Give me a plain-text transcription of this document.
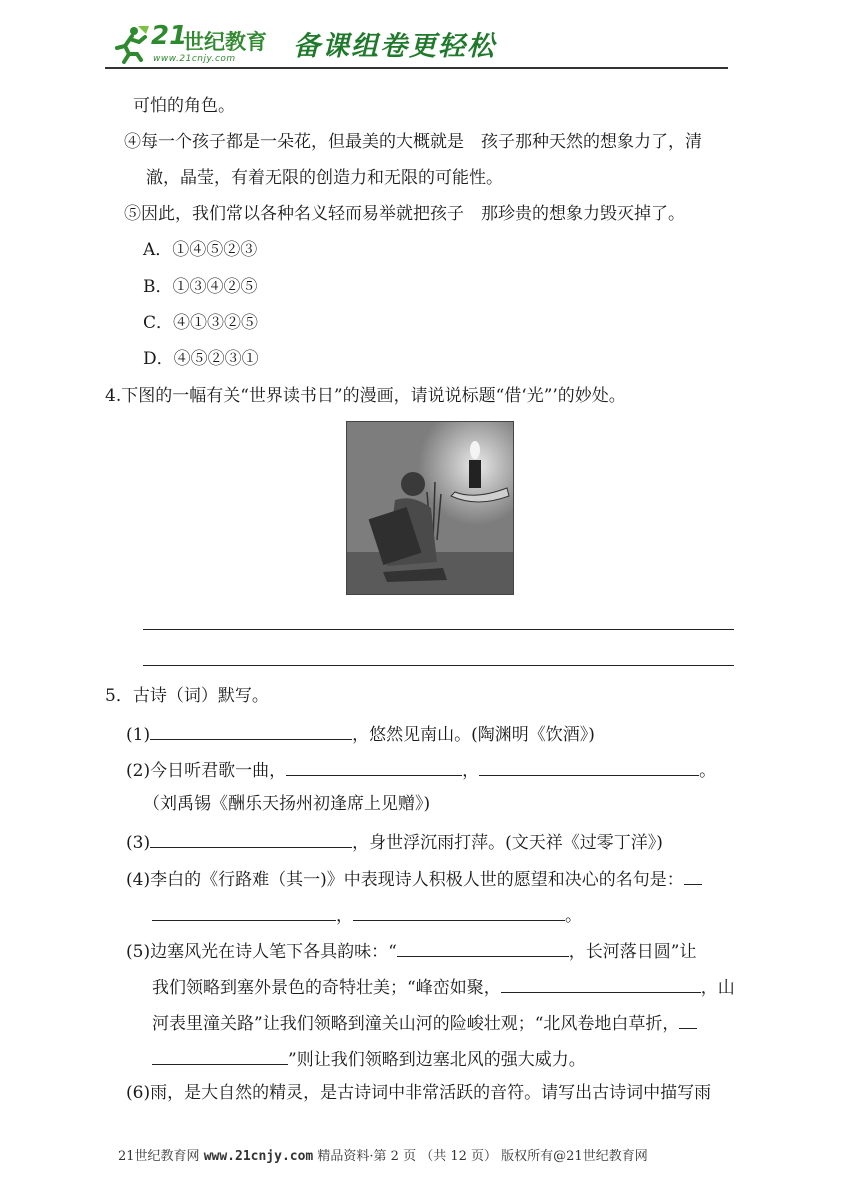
21
世纪教育
www.21cnjy.com 备课组卷更轻松
可怕的角色。
④每一个孩子都是一朵花，但最美的大概就是　孩子那种天然的想象力了，清
澈，晶莹，有着无限的创造力和无限的可能性。
⑤因此，我们常以各种名义轻而易举就把孩子　那珍贵的想象力毁灭掉了。
A．①④⑤②③
B．①③④②⑤
C．④①③②⑤
D．④⑤②③①
4.下图的一幅有关“世界读书日”的漫画，请说说标题“借‘光”’的妙处。
5．古诗（词）默写。
(1)	，悠然见南山。(陶渊明《饮酒》)
(2)今日听君歌一曲，	，	。
（刘禹锡《酬乐天扬州初逢席上见赠》)
(3)	，身世浮沉雨打萍。(文天祥《过零丁洋》)
(4)李白的《行路难（其一)》中表现诗人积极人世的愿望和决心的名句是：
，	。
(5)边塞风光在诗人笔下各具韵味：“	，长河落日圆”让
我们领略到塞外景色的奇特壮美；“峰峦如聚，	，山
河表里潼关路”让我们领略到潼关山河的险峻壮观；“北风卷地白草折，
”则让我们领略到边塞北风的强大威力。
(6)雨，是大自然的精灵，是古诗词中非常活跃的音符。请写出古诗词中描写雨
21世纪教育网 www.21cnjy.com 精品资料·第 2 页 （共 12 页） 版权所有@21世纪教育网
